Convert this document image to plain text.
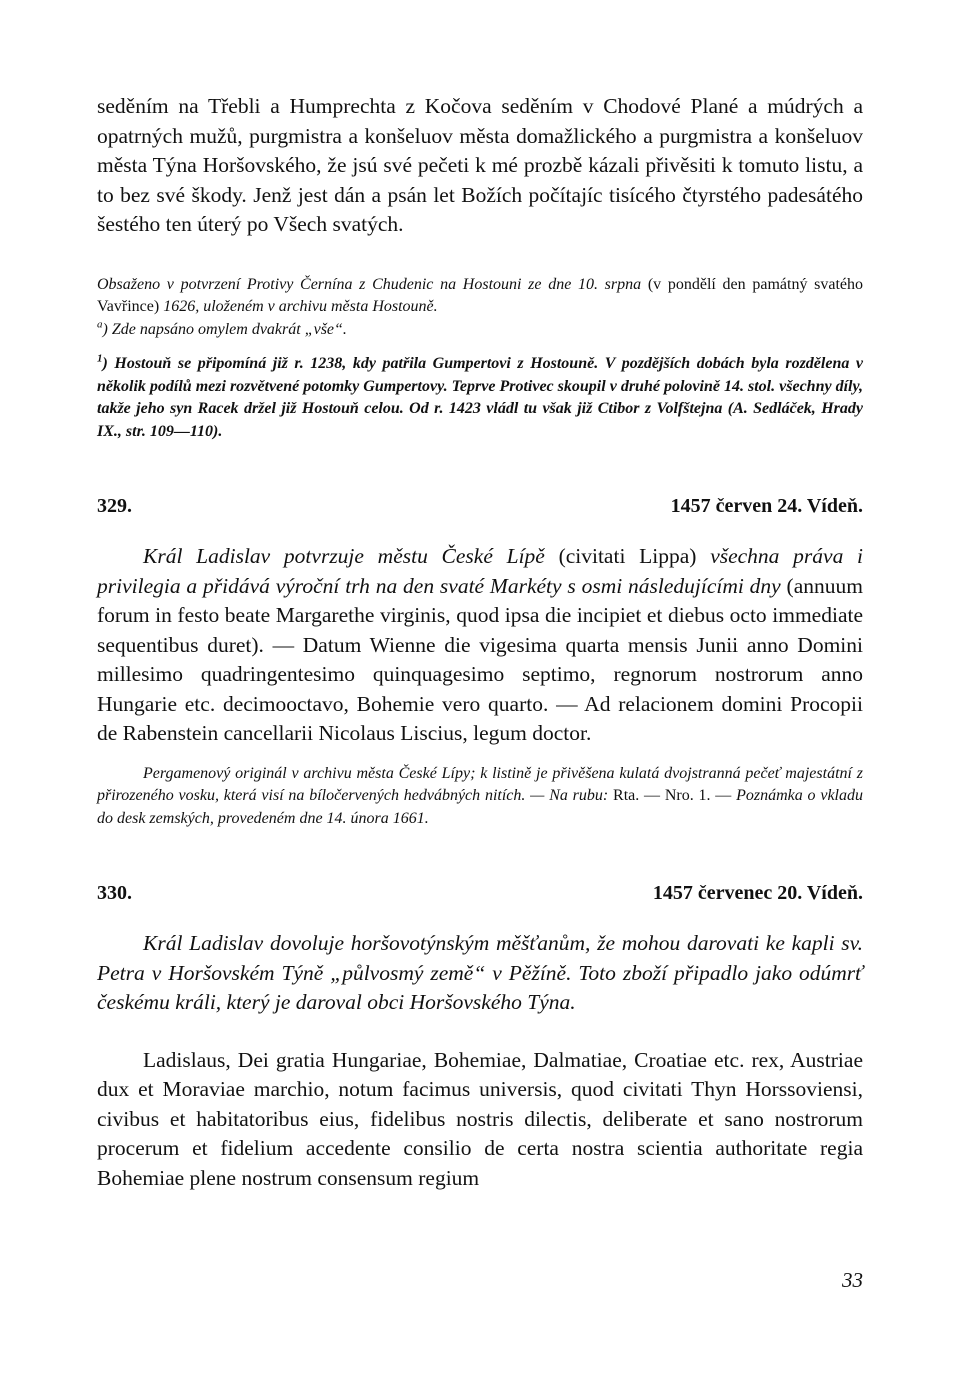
seděním na Třebli a Humprechta z Kočova seděním v Chodové Plané a múdrých a opatrných mužů, purgmistra a konšeluov města domažlického a purgmistra a konšeluov města Týna Horšovského, že jsú své pečeti k mé prozbě kázali přivěsiti k tomuto listu, a to bez své škody. Jenž jest dán a psán let Božích počítajíc tisícého čtyrstého padesátého šestého ten úterý po Všech svatých.

Obsaženo v potvrzení Protivy Černína z Chudenic na Hostouni ze dne 10. srpna (v pondělí den památný svatého Vavřince) 1626, uloženém v archivu města Hostouně.

$^a$) Zde napsáno omylem dvakrát „vše“.

$^1$) Hostouň se připomíná již r. 1238, kdy patřila Gumpertovi z Hostouně. V pozdějších dobách byla rozdělena v několik podílů mezi rozvětvené potomky Gumpertovy. Teprve Protivec skoupil v druhé polovině 14. stol. všechny díly, takže jeho syn Racek držel již Hostouň celou. Od r. 1423 vládl tu však již Ctibor z Volfštejna (A. Sedláček, Hrady IX., str. 109—110).

329.	1457 červen 24. Vídeň.

Král Ladislav potvrzuje městu České Lípě (civitati Lippa) všechna práva i privilegia a přidává výroční trh na den svaté Markéty s osmi následujícími dny (annuum forum in festo beate Margarethe virginis, quod ipsa die incipiet et diebus octo immediate sequentibus duret). — Datum Wienne die vigesima quarta mensis Junii anno Domini millesimo quadringentesimo quinquagesimo septimo, regnorum nostrorum anno Hungarie etc. decimooctavo, Bohemie vero quarto. — Ad relacionem domini Procopii de Rabenstein cancellarii Nicolaus Liscius, legum doctor.

Pergamenový originál v archivu města České Lípy; k listině je přivěšena kulatá dvojstranná pečeť majestátní z přirozeného vosku, která visí na bíločervených hedvábných nitích. — Na rubu: Rta. — Nro. 1. — Poznámka o vkladu do desk zemských, provedeném dne 14. února 1661.

330.	1457 červenec 20. Vídeň.

Král Ladislav dovoluje horšovotýnským měšťanům, že mohou darovati ke kapli sv. Petra v Horšovském Týně „půlvosmý země“ v Pěžíně. Toto zboží připadlo jako odúmrť českému králi, který je daroval obci Horšovského Týna.

Ladislaus, Dei gratia Hungariae, Bohemiae, Dalmatiae, Croatiae etc. rex, Austriae dux et Moraviae marchio, notum facimus universis, quod civitati Thyn Horssoviensi, civibus et habitatoribus eius, fidelibus nostris dilectis, deliberate et sano nostrorum procerum et fidelium accedente consilio de certa nostra scientia authoritate regia Bohemiae plene nostrum consensum regium

33
